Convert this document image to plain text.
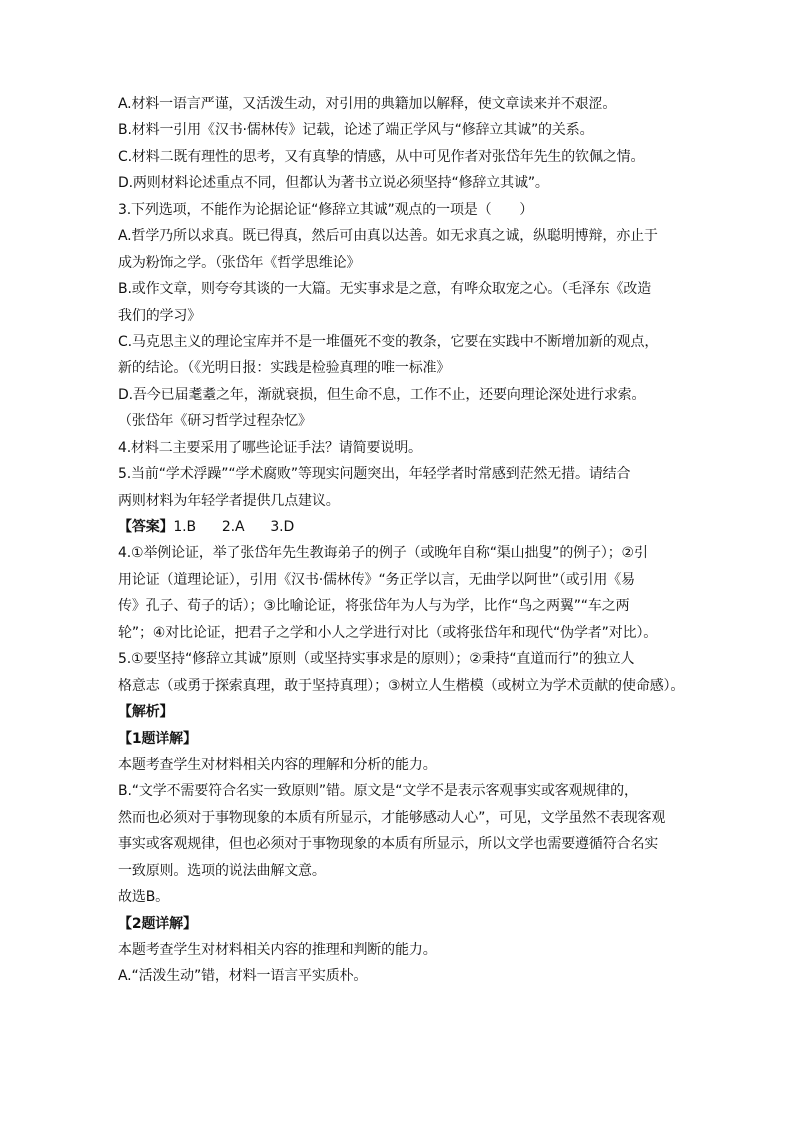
A.材料一语言严谨，又活泼生动，对引用的典籍加以解释，使文章读来并不艰涩。
B.材料一引用《汉书·儒林传》记载，论述了端正学风与“修辞立其诚”的关系。
C.材料二既有理性的思考，又有真挚的情感，从中可见作者对张岱年先生的钦佩之情。
D.两则材料论述重点不同，但都认为著书立说必须坚持“修辞立其诚”。
3.下列选项，不能作为论据论证“修辞立其诚”观点的一项是（　　）
A.哲学乃所以求真。既已得真，然后可由真以达善。如无求真之诚，纵聪明博辩，亦止于
成为粉饰之学。（张岱年《哲学思维论》
B.或作文章，则夸夸其谈的一大篇。无实事求是之意，有哗众取宠之心。（毛泽东《改造
我们的学习》
C.马克思主义的理论宝库并不是一堆僵死不变的教条，它要在实践中不断增加新的观点，
新的结论。（《光明日报：实践是检验真理的唯一标准》
D.吾今已届耄耋之年，渐就衰损，但生命不息，工作不止，还要向理论深处进行求索。
（张岱年《研习哲学过程杂忆》
4.材料二主要采用了哪些论证手法？请简要说明。
5.当前“学术浮躁”“学术腐败”等现实问题突出，年轻学者时常感到茫然无措。请结合
两则材料为年轻学者提供几点建议。
【答案】1.B 2.A 3.D
4.①举例论证，举了张岱年先生教诲弟子的例子（或晚年自称“渠山拙叟”的例子）；②引
用论证（道理论证），引用《汉书·儒林传》“务正学以言，无曲学以阿世”（或引用《易
传》孔子、荀子的话）；③比喻论证，将张岱年为人与为学，比作“鸟之两翼”“车之两
轮”；④对比论证，把君子之学和小人之学进行对比（或将张岱年和现代“伪学者”对比）。
5.①要坚持“修辞立其诚”原则（或坚持实事求是的原则）；②秉持“直道而行”的独立人
格意志（或勇于探索真理，敢于坚持真理）；③树立人生楷模（或树立为学术贡献的使命感）。
【解析】
【1题详解】
本题考查学生对材料相关内容的理解和分析的能力。
B.“文学不需要符合名实一致原则”错。原文是“文学不是表示客观事实或客观规律的，
然而也必须对于事物现象的本质有所显示，才能够感动人心”，可见，文学虽然不表现客观
事实或客观规律，但也必须对于事物现象的本质有所显示，所以文学也需要遵循符合名实
一致原则。选项的说法曲解文意。
故选B。
【2题详解】
本题考查学生对材料相关内容的推理和判断的能力。
A.“活泼生动”错，材料一语言平实质朴。
